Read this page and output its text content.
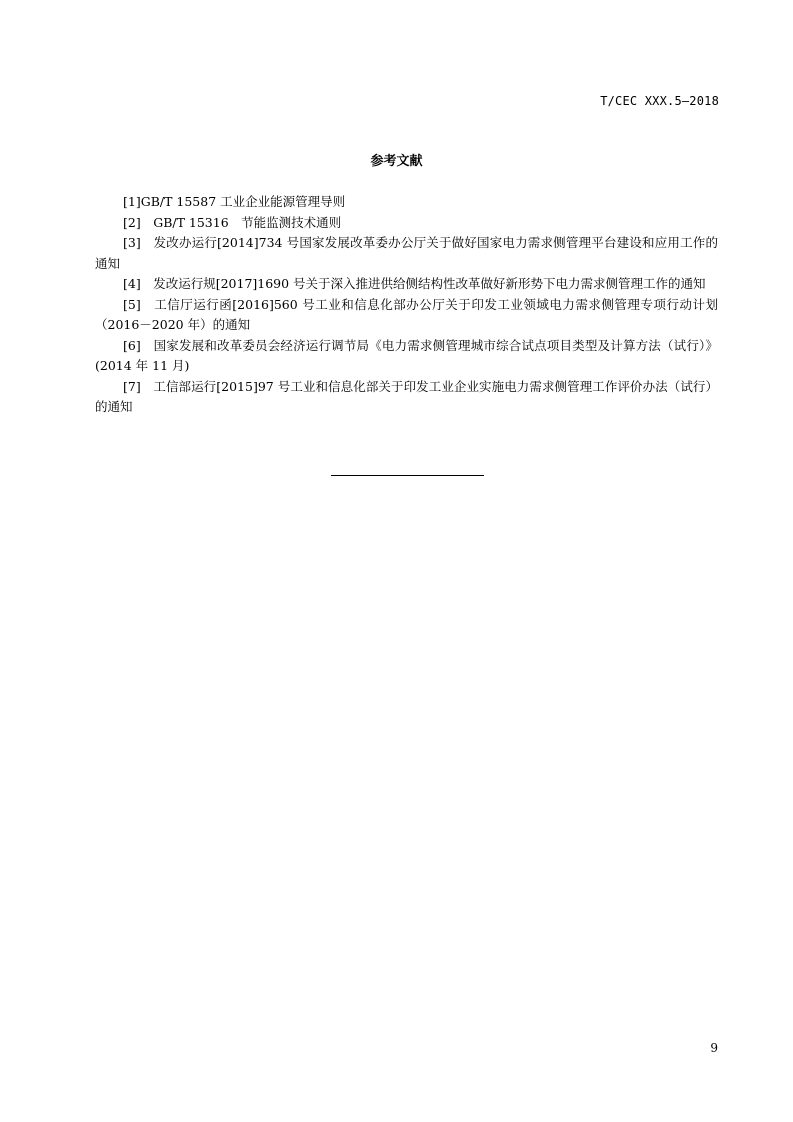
T/CEC XXX.5—2018
参考文献
[1]GB/T 15587 工业企业能源管理导则
[2]　GB/T 15316　节能监测技术通则
[3]　发改办运行[2014]734 号国家发展改革委办公厅关于做好国家电力需求侧管理平台建设和应用工作的通知
[4]　发改运行规[2017]1690 号关于深入推进供给侧结构性改革做好新形势下电力需求侧管理工作的通知
[5]　工信厅运行函[2016]560 号工业和信息化部办公厅关于印发工业领域电力需求侧管理专项行动计划（2016－2020 年）的通知
[6]　国家发展和改革委员会经济运行调节局《电力需求侧管理城市综合试点项目类型及计算方法（试行）》(2014 年 11 月)
[7]　工信部运行[2015]97 号工业和信息化部关于印发工业企业实施电力需求侧管理工作评价办法（试行）的通知
9
